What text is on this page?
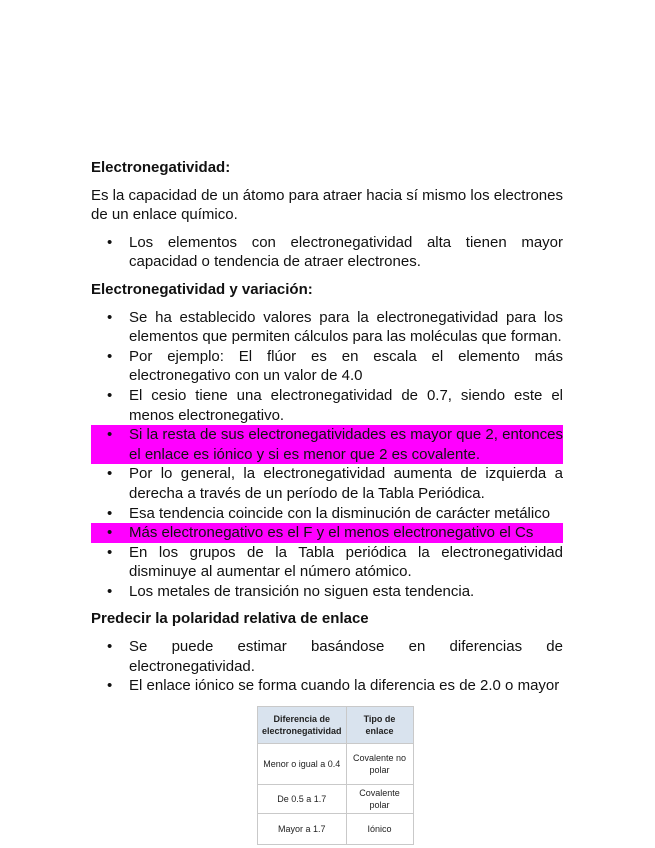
Electronegatividad:

Es la capacidad de un átomo para atraer hacia sí mismo los electrones de un enlace químico.

• Los elementos con electronegatividad alta tienen mayor capacidad o tendencia de atraer electrones.
Electronegatividad y variación:
• Se ha establecido valores para la electronegatividad para los elementos que permiten cálculos para las moléculas que forman.
• Por ejemplo: El flúor es en escala el elemento más electronegativo con un valor de 4.0
• El cesio tiene una electronegatividad de 0.7, siendo este el menos electronegativo.
• Si la resta de sus electronegatividades es mayor que 2, entonces el enlace es iónico y si es menor que 2 es covalente.
• Por lo general, la electronegatividad aumenta de izquierda a derecha a través de un período de la Tabla Periódica.
• Esa tendencia coincide con la disminución de carácter metálico
• Más electronegativo es el F y el menos electronegativo el Cs
• En los grupos de la Tabla periódica la electronegatividad disminuye al aumentar el número atómico.
• Los metales de transición no siguen esta tendencia.
Predecir la polaridad relativa de enlace
• Se puede estimar basándose en diferencias de electronegatividad.
• El enlace iónico se forma cuando la diferencia es de 2.0 o mayor
Diferencia de electronegatividad	Tipo de enlace
Menor o igual a 0.4	Covalente no polar
De 0.5 a 1.7	Covalente polar
Mayor a 1.7	Iónico
